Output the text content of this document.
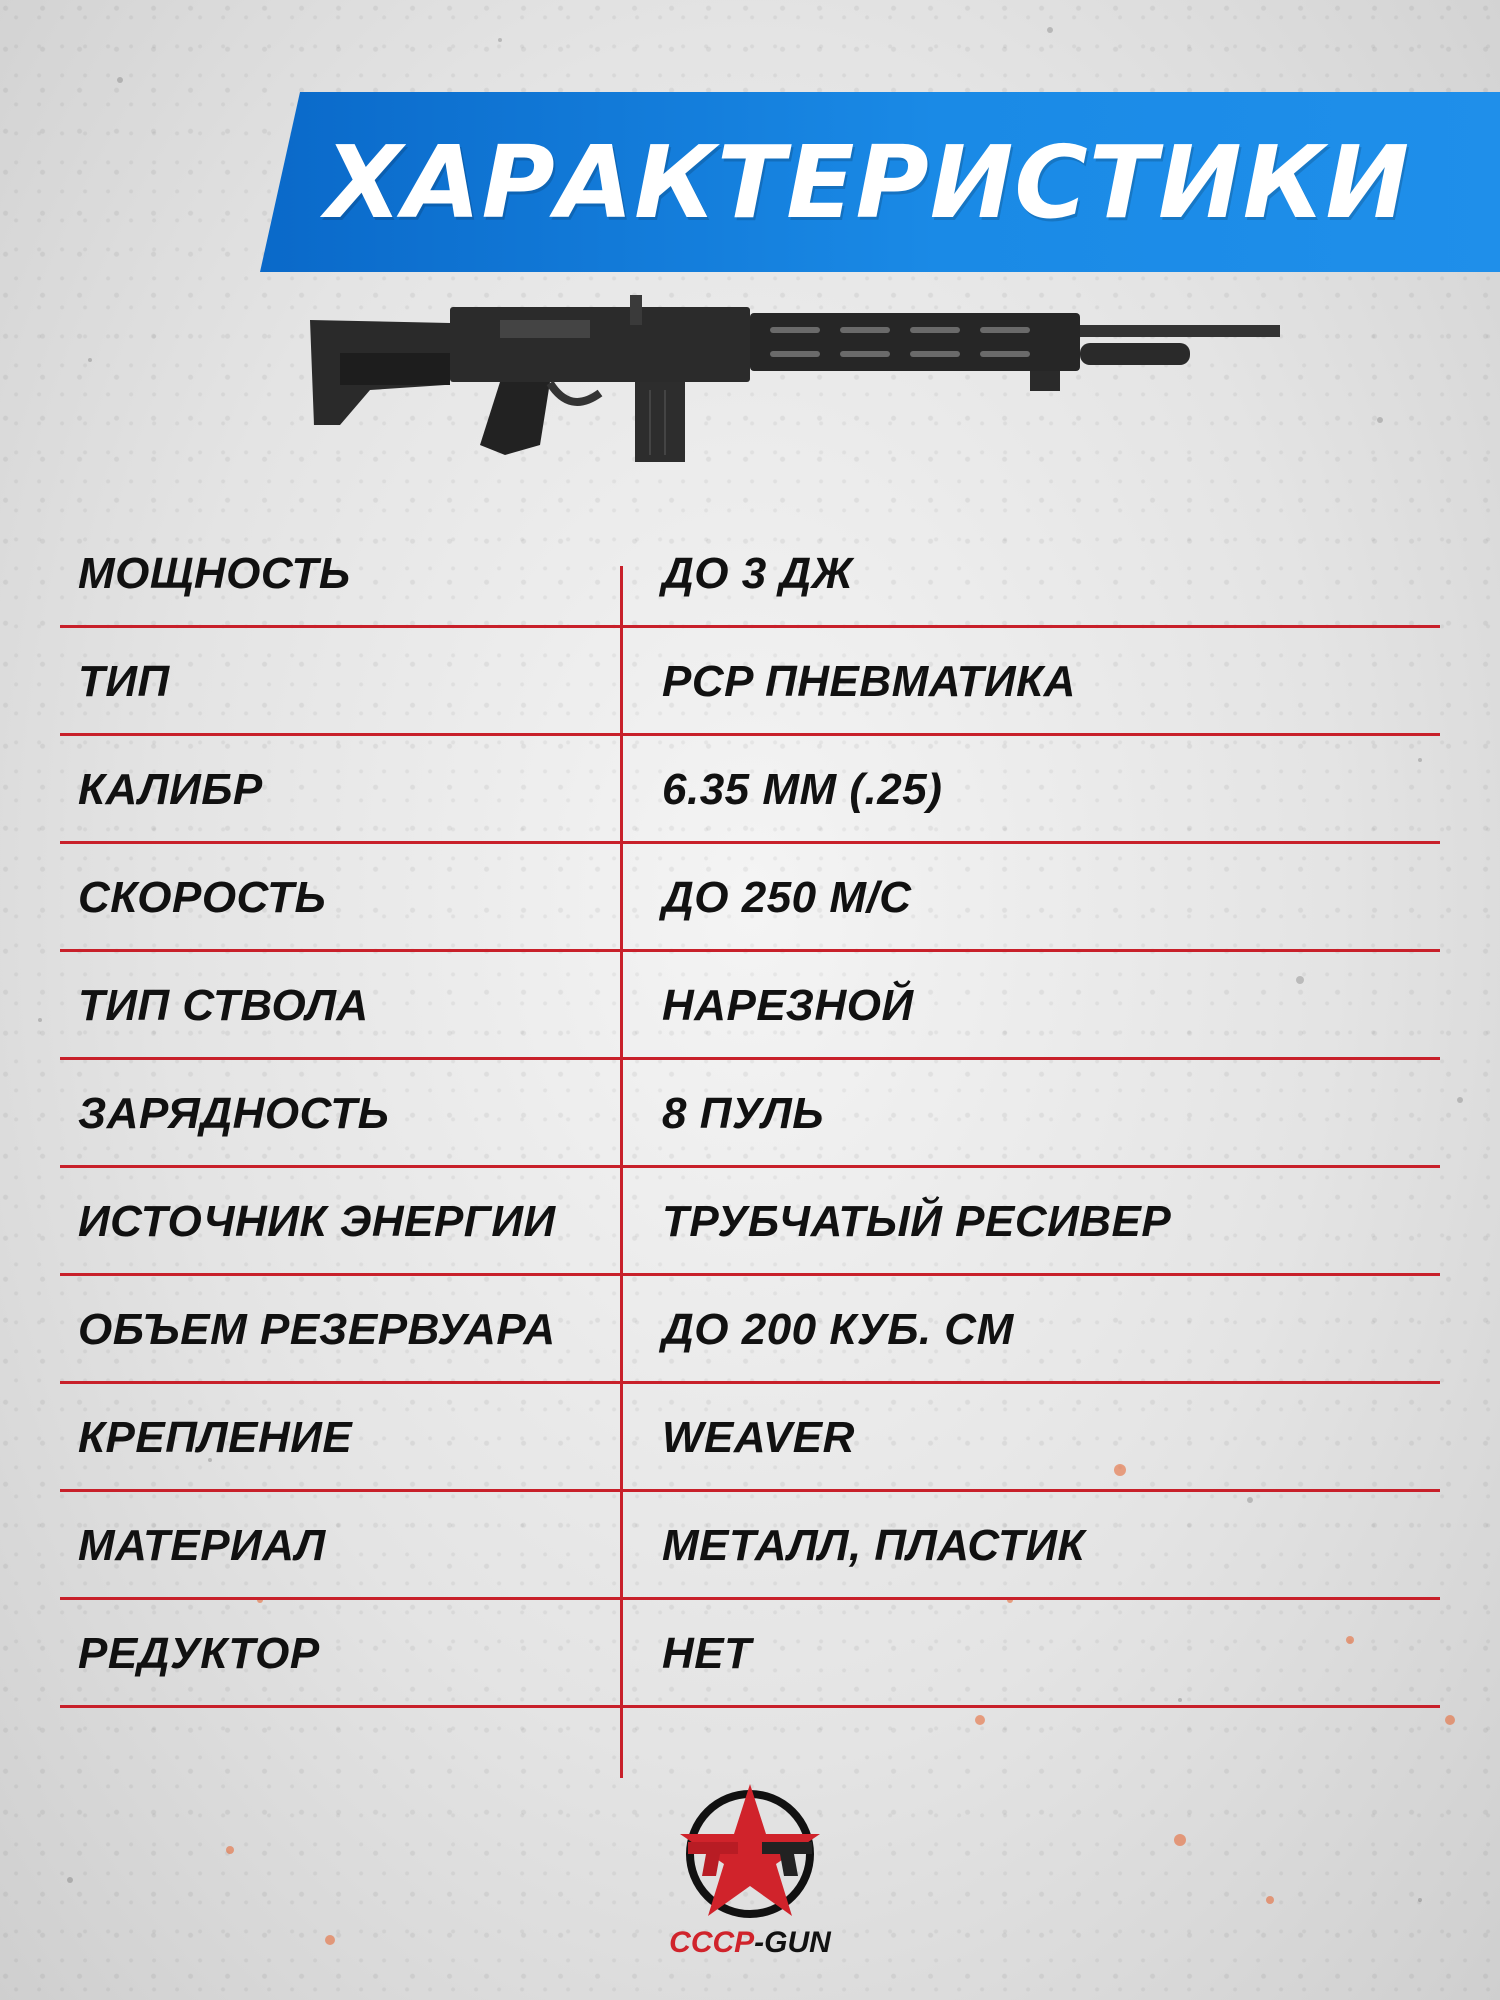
ХАРАКТЕРИСТИКИ
МОЩНОСТЬ	ДО 3 ДЖ
ТИП	PCP ПНЕВМАТИКА
КАЛИБР	6.35 ММ (.25)
СКОРОСТЬ	ДО 250 М/С
ТИП СТВОЛА	НАРЕЗНОЙ
ЗАРЯДНОСТЬ	8 ПУЛЬ
ИСТОЧНИК ЭНЕРГИИ	ТРУБЧАТЫЙ РЕСИВЕР
ОБЪЕМ РЕЗЕРВУАРА	ДО 200 КУБ. СМ
КРЕПЛЕНИЕ	WEAVER
МАТЕРИАЛ	МЕТАЛЛ, ПЛАСТИК
РЕДУКТОР	НЕТ
СССР-GUN
